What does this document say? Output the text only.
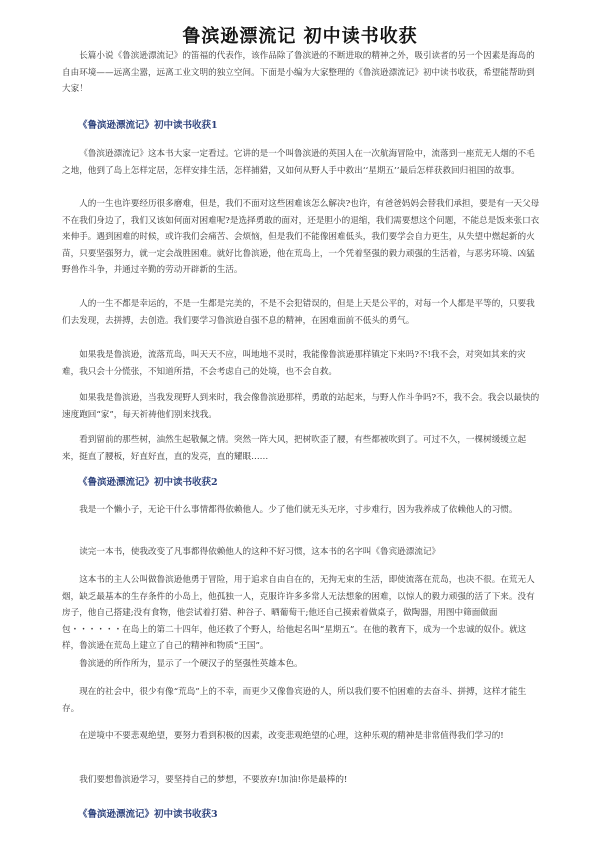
鲁滨逊漂流记 初中读书收获

长篇小说《鲁滨逊漂流记》的笛福的代表作，该作品除了鲁滨逊的不断进取的精神之外，吸引读者的另一个因素是海岛的自由环境——远离尘嚣，远离工业文明的独立空间。下面是小编为大家整理的《鲁滨逊漂流记》初中读书收获，希望能帮助到大家！

《鲁滨逊漂流记》初中读书收获1

《鲁滨逊漂流记》这本书大家一定看过。它讲的是一个叫鲁滨逊的英国人在一次航海冒险中，流落到一座荒无人烟的不毛之地，他到了岛上怎样定居，怎样安排生活，怎样捕猎，又如何从野人手中救出‘‘星期五’’最后怎样获救回归祖国的故事。

人的一生也许要经历很多磨难，但是，我们不面对这些困难该怎么解决?也许，有爸爸妈妈会替我们承担，要是有一天父母不在我们身边了，我们又该如何面对困难呢?是选择勇敢的面对，还是胆小的退缩，我们需要想这个问题，不能总是饭来张口衣来伸手。遇到困难的时候，或许我们会痛苦、会烦恼，但是我们不能像困难低头，我们要学会自力更生，从失望中燃起新的火苗，只要坚强努力，就一定会战胜困难。就好比鲁滨逊，他在荒岛上，一个凭着坚强的毅力顽强的生活着，与恶劣环境、凶猛野兽作斗争，并通过辛勤的劳动开辟新的生活。

人的一生不都是幸运的，不是一生都是完美的，不是不会犯错误的，但是上天是公平的，对每一个人都是平等的，只要我们去发现，去拼搏，去创造。我们要学习鲁滨逊自强不息的精神，在困难面前不低头的勇气。

如果我是鲁滨逊，流落荒岛，叫天天不应，叫地地不灵时，我能像鲁滨逊那样镇定下来吗?不!我不会，对突如其来的灾难，我只会十分慌张，不知道所措，不会考虑自己的处境，也不会自救。

如果我是鲁滨逊，当我发现野人到来时，我会像鲁滨逊那样，勇敢的站起来，与野人作斗争吗?不，我不会。我会以最快的速度跑回“家”，每天祈祷他们别来找我。

看到留前的那些树，油然生起敬佩之情。突然一阵大风，把树吹歪了腰，有些都被吹到了。可过不久，一棵树缓缓立起来，挺直了腰板，好直好直，直的发亮，直的耀眼……

《鲁滨逊漂流记》初中读书收获2

我是一个懒小子，无论干什么事情都得依赖他人。少了他们就无头无序，寸步难行，因为我养成了依赖他人的习惯。

读完一本书，使我改变了凡事都得依赖他人的这种不好习惯，这本书的名字叫《鲁宾逊漂流记》

这本书的主人公叫做鲁滨逊他勇于冒险，用于追求自由自在的，无拘无束的生活，即使流落在荒岛，也决不很。在荒无人烟，缺乏最基本的生存条件的小岛上，他孤独一人，克服许许多多常人无法想象的困难，以惊人的毅力顽强的活了下来。没有房子，他自己搭建;没有食物，他尝试着打猎、种谷子、晒葡萄干;他还自己摸索着做桌子，做陶器，用图中筛面做面包・・・・・・在岛上的第二十四年，他还救了个野人，给他起名叫“星期五”。在他的教育下，成为一个忠诚的奴仆。就这样，鲁滨逊在荒岛上建立了自己的精神和物质“王国”。

鲁滨逊的所作所为，显示了一个硬汉子的坚强性英雄本色。

现在的社会中，很少有像“荒岛”上的不幸，而更少又像鲁宾逊的人，所以我们要不怕困难的去奋斗、拼搏，这样才能生存。

在逆境中不要悲观绝望，要努力看到积极的因素，改变悲观绝望的心理，这种乐观的精神是非常值得我们学习的!

我们要想鲁滨逊学习，要坚持自己的梦想，不要放弃!加油!你是最棒的!

《鲁滨逊漂流记》初中读书收获3
